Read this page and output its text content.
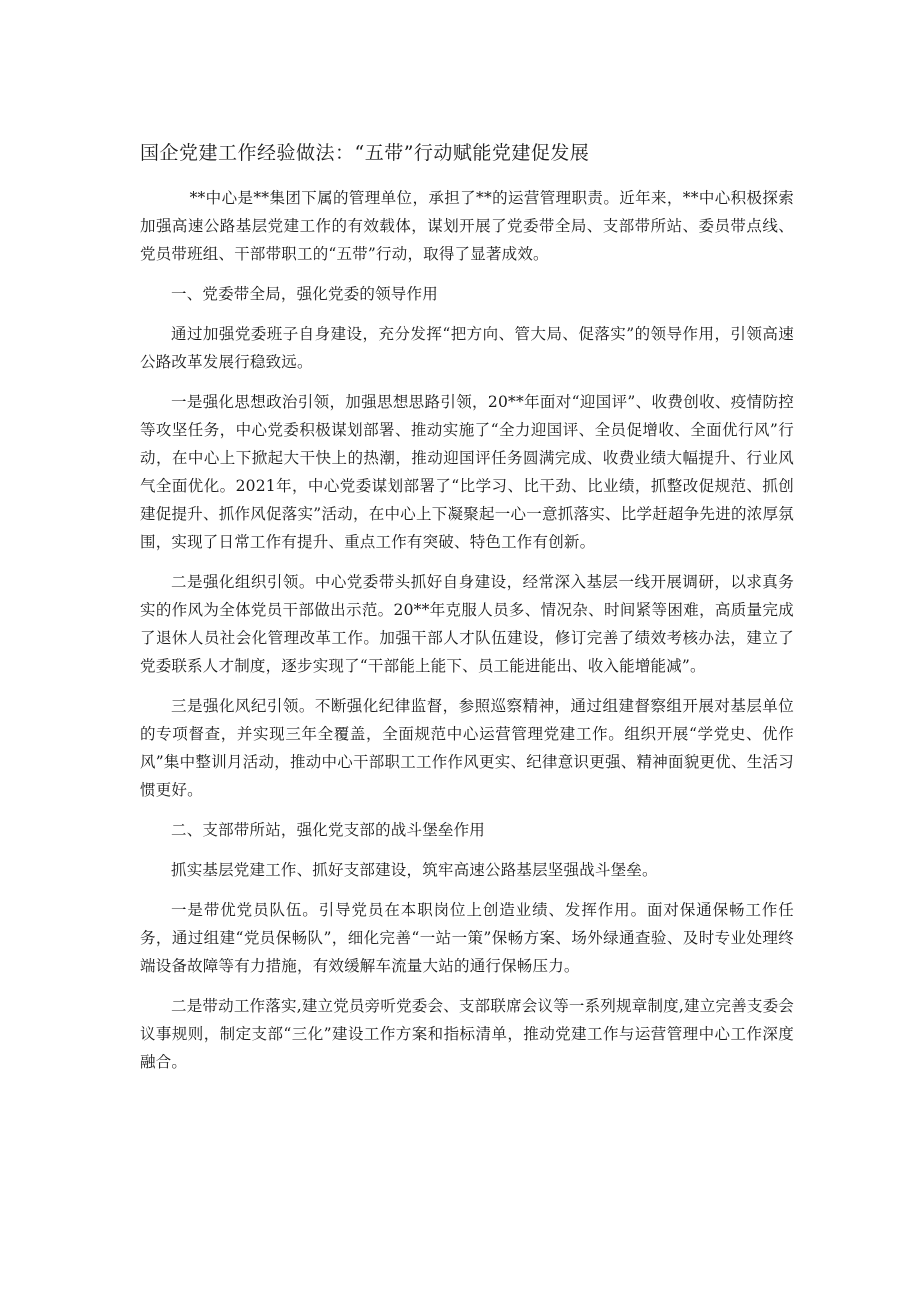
国企党建工作经验做法：“五带”行动赋能党建促发展

**中心是**集团下属的管理单位，承担了**的运营管理职责。近年来，**中心积极探索加强高速公路基层党建工作的有效载体，谋划开展了党委带全局、支部带所站、委员带点线、党员带班组、干部带职工的“五带”行动，取得了显著成效。

一、党委带全局，强化党委的领导作用

通过加强党委班子自身建设，充分发挥“把方向、管大局、促落实”的领导作用，引领高速公路改革发展行稳致远。

一是强化思想政治引领，加强思想思路引领，20**年面对“迎国评”、收费创收、疫情防控等攻坚任务，中心党委积极谋划部署、推动实施了“全力迎国评、全员促增收、全面优行风”行动，在中心上下掀起大干快上的热潮，推动迎国评任务圆满完成、收费业绩大幅提升、行业风气全面优化。2021年，中心党委谋划部署了“比学习、比干劲、比业绩，抓整改促规范、抓创建促提升、抓作风促落实”活动，在中心上下凝聚起一心一意抓落实、比学赶超争先进的浓厚氛围，实现了日常工作有提升、重点工作有突破、特色工作有创新。

二是强化组织引领。中心党委带头抓好自身建设，经常深入基层一线开展调研，以求真务实的作风为全体党员干部做出示范。20**年克服人员多、情况杂、时间紧等困难，高质量完成了退休人员社会化管理改革工作。加强干部人才队伍建设，修订完善了绩效考核办法，建立了党委联系人才制度，逐步实现了“干部能上能下、员工能进能出、收入能增能减”。

三是强化风纪引领。不断强化纪律监督，参照巡察精神，通过组建督察组开展对基层单位的专项督查，并实现三年全覆盖，全面规范中心运营管理党建工作。组织开展“学党史、优作风”集中整训月活动，推动中心干部职工工作作风更实、纪律意识更强、精神面貌更优、生活习惯更好。

二、支部带所站，强化党支部的战斗堡垒作用

抓实基层党建工作、抓好支部建设，筑牢高速公路基层坚强战斗堡垒。

一是带优党员队伍。引导党员在本职岗位上创造业绩、发挥作用。面对保通保畅工作任务，通过组建“党员保畅队”，细化完善“一站一策”保畅方案、场外绿通查验、及时专业处理终端设备故障等有力措施，有效缓解车流量大站的通行保畅压力。

二是带动工作落实,建立党员旁听党委会、支部联席会议等一系列规章制度,建立完善支委会议事规则，制定支部“三化”建设工作方案和指标清单，推动党建工作与运营管理中心工作深度融合。
